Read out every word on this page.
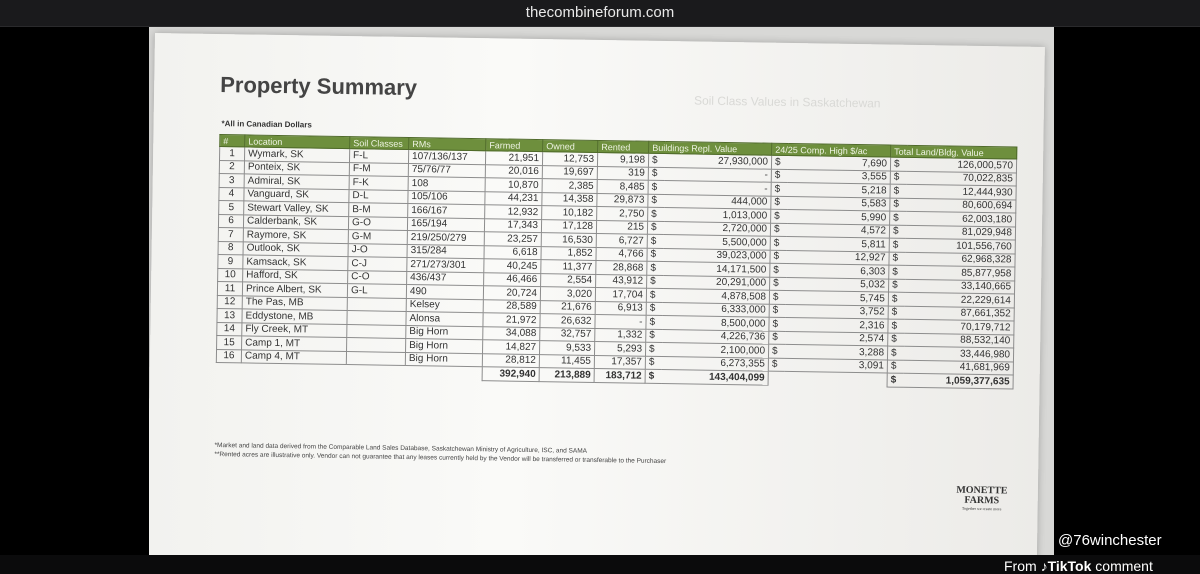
thecombineforum.com
Soil Class Values in Saskatchewan
Property Summary
*All in Canadian Dollars
#	Location	Soil Classes	RMs	Farmed	Owned	Rented	Buildings Repl. Value		24/25 Comp. High $/ac		Total Land/Bldg. Value	
1	Wymark, SK	F-L	107/136/137	21,951	12,753	9,198	$	27,930,000	$	7,690	$	126,000,570
2	Ponteix, SK	F-M	75/76/77	20,016	19,697	319	$	-	$	3,555	$	70,022,835
3	Admiral, SK	F-K	108	10,870	2,385	8,485	$	-	$	5,218	$	12,444,930
4	Vanguard, SK	D-L	105/106	44,231	14,358	29,873	$	444,000	$	5,583	$	80,600,694
5	Stewart Valley, SK	B-M	166/167	12,932	10,182	2,750	$	1,013,000	$	5,990	$	62,003,180
6	Calderbank, SK	G-O	165/194	17,343	17,128	215	$	2,720,000	$	4,572	$	81,029,948
7	Raymore, SK	G-M	219/250/279	23,257	16,530	6,727	$	5,500,000	$	5,811	$	101,556,760
8	Outlook, SK	J-O	315/284	6,618	1,852	4,766	$	39,023,000	$	12,927	$	62,968,328
9	Kamsack, SK	C-J	271/273/301	40,245	11,377	28,868	$	14,171,500	$	6,303	$	85,877,958
10	Hafford, SK	C-O	436/437	46,466	2,554	43,912	$	20,291,000	$	5,032	$	33,140,665
11	Prince Albert, SK	G-L	490	20,724	3,020	17,704	$	4,878,508	$	5,745	$	22,229,614
12	The Pas, MB		Kelsey	28,589	21,676	6,913	$	6,333,000	$	3,752	$	87,661,352
13	Eddystone, MB		Alonsa	21,972	26,632	-	$	8,500,000	$	2,316	$	70,179,712
14	Fly Creek, MT		Big Horn	34,088	32,757	1,332	$	4,226,736	$	2,574	$	88,532,140
15	Camp 1, MT		Big Horn	14,827	9,533	5,293	$	2,100,000	$	3,288	$	33,446,980
16	Camp 4, MT		Big Horn	28,812	11,455	17,357	$	6,273,355	$	3,091	$	41,681,969
				392,940	213,889	183,712	$	143,404,099			$	1,059,377,635
*Market and land data derived from the Comparable Land Sales Database, Saskatchewan Ministry of Agriculture, ISC, and SAMA
**Rented acres are illustrative only. Vendor can not guarantee that any leases currently held by the Vendor will be transferred or transferable to the Purchaser
MONETTE
FARMS
Together we create more
@76winchester
From ♪TikTok comment
